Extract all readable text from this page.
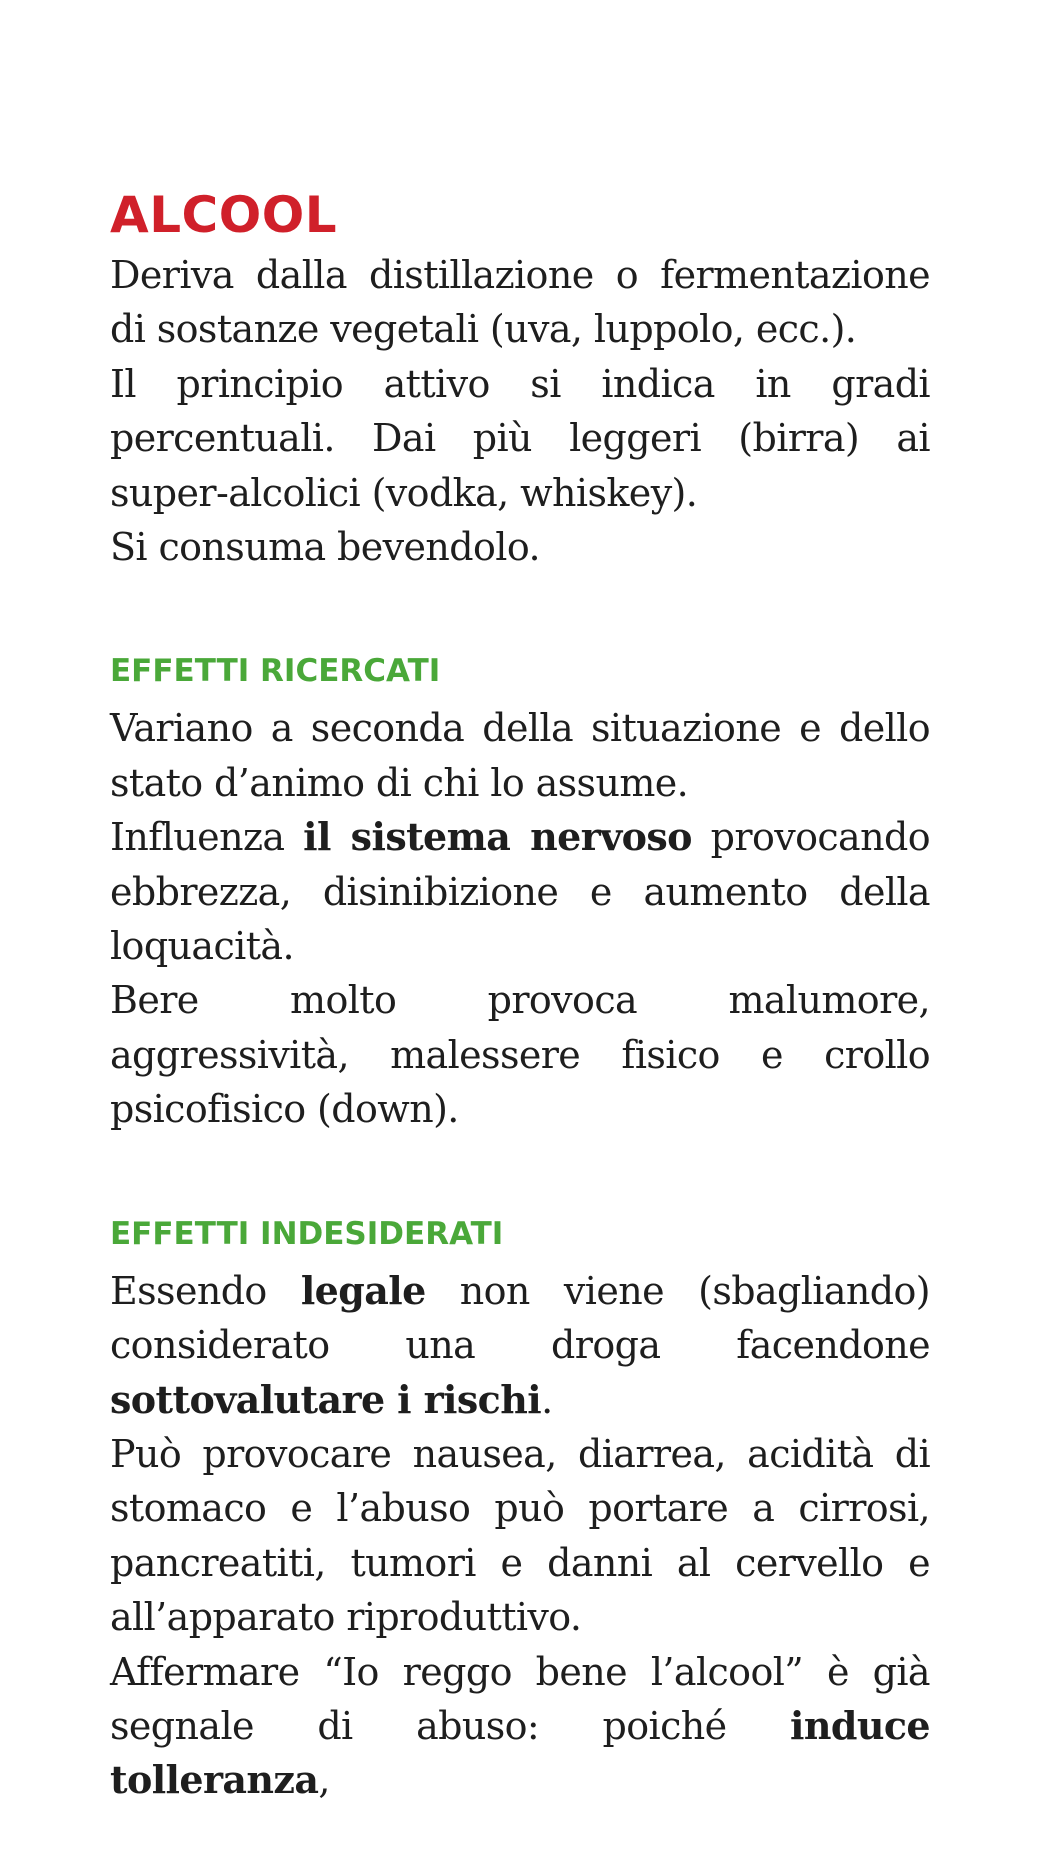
ALCOOL

Deriva dalla distillazione o fermentazione di sostanze vegetali (uva, luppolo, ecc.).

Il principio attivo si indica in gradi percentuali. Dai più leggeri (birra) ai super-alcolici (vodka, whiskey).

Si consuma bevendolo.

EFFETTI RICERCATI

Variano a seconda della situazione e dello stato d’animo di chi lo assume.

Influenza il sistema nervoso provocando ebbrezza, disinibizione e aumento della loquacità.

Bere molto provoca malumore, aggressività, malessere fisico e crollo psicofisico (down).

EFFETTI INDESIDERATI

Essendo legale non viene (sbagliando) considerato una droga facendone sottovalutare i rischi.

Può provocare nausea, diarrea, acidità di stomaco e l’abuso può portare a cirrosi, pancreatiti, tumori e danni al cervello e all’apparato riproduttivo.

Affermare “Io reggo bene l’alcool” è già segnale di abuso: poiché induce tolleranza,
